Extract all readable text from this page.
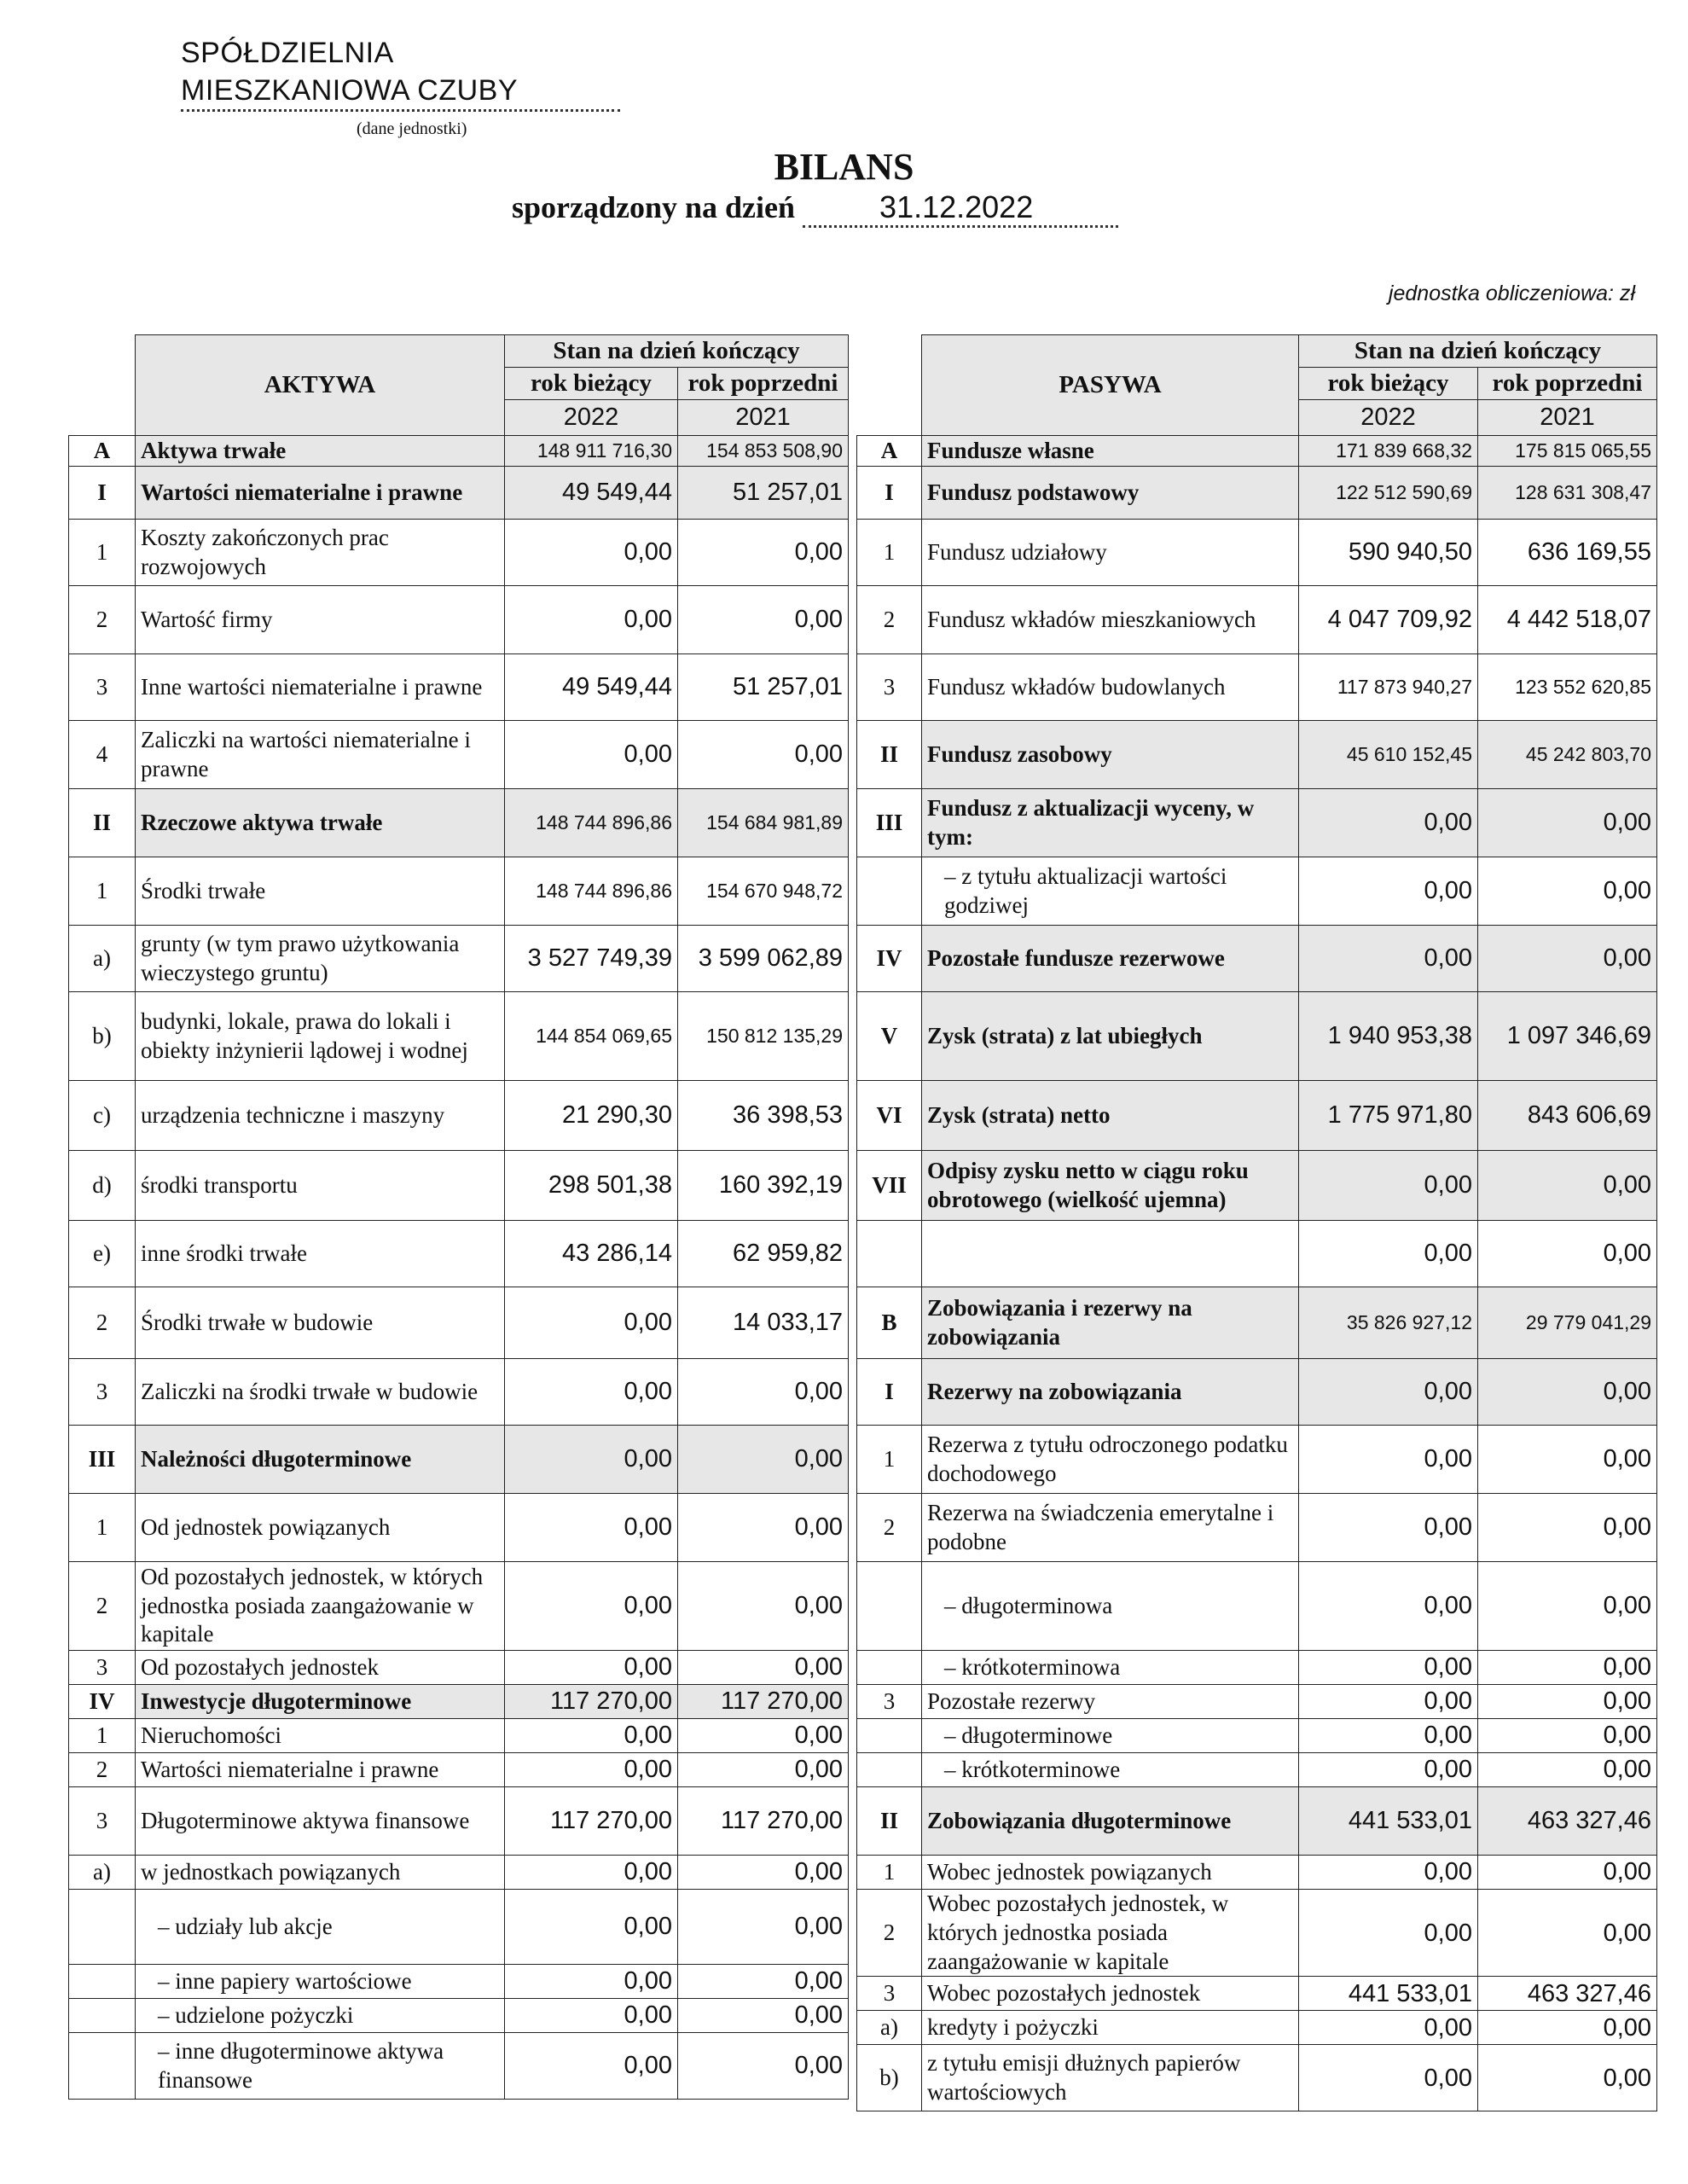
SPÓŁDZIELNIA
MIESZKANIOWA CZUBY
(dane jednostki)
BILANS
sporządzony na dzień	31.12.2022
jednostka obliczeniowa: zł
	AKTYWA	Stan na dzień kończący	
		rok bieżący	rok poprzedni
		2022	2021
A	Aktywa trwałe	148 911 716,30	154 853 508,90
I	Wartości niematerialne i prawne	49 549,44	51 257,01
1	Koszty zakończonych prac rozwojowych	0,00	0,00
2	Wartość firmy	0,00	0,00
3	Inne wartości niematerialne i prawne	49 549,44	51 257,01
4	Zaliczki na wartości niematerialne i prawne	0,00	0,00
II	Rzeczowe aktywa trwałe	148 744 896,86	154 684 981,89
1	Środki trwałe	148 744 896,86	154 670 948,72
a)	grunty (w tym prawo użytkowania wieczystego gruntu)	3 527 749,39	3 599 062,89
b)	budynki, lokale, prawa do lokali i obiekty inżynierii lądowej i wodnej	144 854 069,65	150 812 135,29
c)	urządzenia techniczne i maszyny	21 290,30	36 398,53
d)	środki transportu	298 501,38	160 392,19
e)	inne środki trwałe	43 286,14	62 959,82
2	Środki trwałe w budowie	0,00	14 033,17
3	Zaliczki na środki trwałe w budowie	0,00	0,00
III	Należności długoterminowe	0,00	0,00
1	Od jednostek powiązanych	0,00	0,00
2	Od pozostałych jednostek, w których jednostka posiada zaangażowanie w kapitale	0,00	0,00
3	Od pozostałych jednostek	0,00	0,00
IV	Inwestycje długoterminowe	117 270,00	117 270,00
1	Nieruchomości	0,00	0,00
2	Wartości niematerialne i prawne	0,00	0,00
3	Długoterminowe aktywa finansowe	117 270,00	117 270,00
a)	w jednostkach powiązanych	0,00	0,00
	– udziały lub akcje	0,00	0,00
	– inne papiery wartościowe	0,00	0,00
	– udzielone pożyczki	0,00	0,00
	– inne długoterminowe aktywa finansowe	0,00	0,00
	PASYWA	Stan na dzień kończący	
		rok bieżący	rok poprzedni
		2022	2021
A	Fundusze własne	171 839 668,32	175 815 065,55
I	Fundusz podstawowy	122 512 590,69	128 631 308,47
1	Fundusz udziałowy	590 940,50	636 169,55
2	Fundusz wkładów mieszkaniowych	4 047 709,92	4 442 518,07
3	Fundusz wkładów budowlanych	117 873 940,27	123 552 620,85
II	Fundusz zasobowy	45 610 152,45	45 242 803,70
III	Fundusz z aktualizacji wyceny, w tym:	0,00	0,00
	– z tytułu aktualizacji wartości godziwej	0,00	0,00
IV	Pozostałe fundusze rezerwowe	0,00	0,00
V	Zysk (strata) z lat ubiegłych	1 940 953,38	1 097 346,69
VI	Zysk (strata) netto	1 775 971,80	843 606,69
VII	Odpisy zysku netto w ciągu roku obrotowego (wielkość ujemna)	0,00	0,00
		0,00	0,00
B	Zobowiązania i rezerwy na zobowiązania	35 826 927,12	29 779 041,29
I	Rezerwy na zobowiązania	0,00	0,00
1	Rezerwa z tytułu odroczonego podatku dochodowego	0,00	0,00
2	Rezerwa na świadczenia emerytalne i podobne	0,00	0,00
	– długoterminowa	0,00	0,00
	– krótkoterminowa	0,00	0,00
3	Pozostałe rezerwy	0,00	0,00
	– długoterminowe	0,00	0,00
	– krótkoterminowe	0,00	0,00
II	Zobowiązania długoterminowe	441 533,01	463 327,46
1	Wobec jednostek powiązanych	0,00	0,00
2	Wobec pozostałych jednostek, w których jednostka posiada zaangażowanie w kapitale	0,00	0,00
3	Wobec pozostałych jednostek	441 533,01	463 327,46
a)	kredyty i pożyczki	0,00	0,00
b)	z tytułu emisji dłużnych papierów wartościowych	0,00	0,00
